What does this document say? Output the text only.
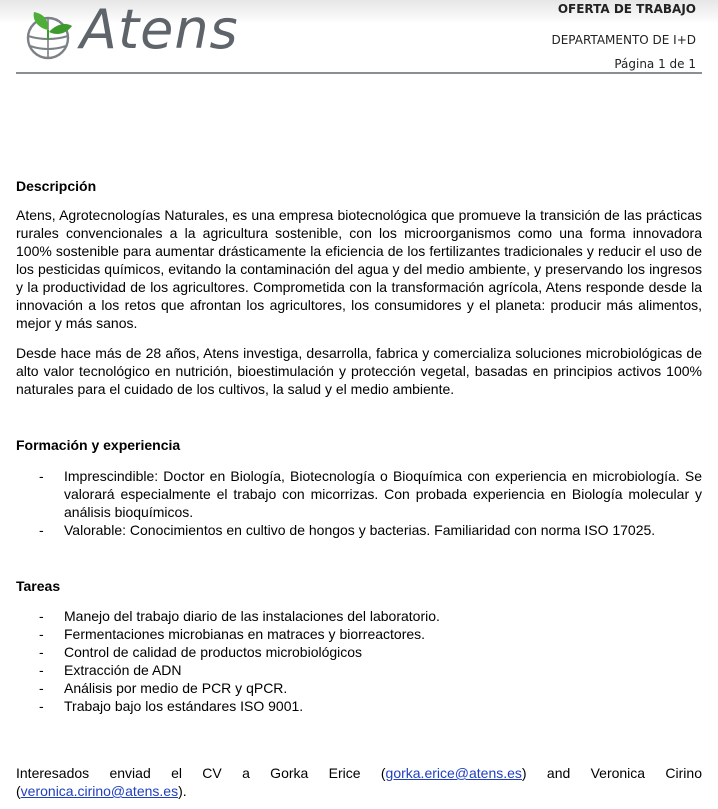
Atens	OFERTA DE TRABAJO
DEPARTAMENTO DE I+D
Página 1 de 1
Descripción

Atens, Agrotecnologías Naturales, es una empresa biotecnológica que promueve la transición de las prácticas rurales convencionales a la agricultura sostenible, con los microorganismos como una forma innovadora 100% sostenible para aumentar drásticamente la eficiencia de los fertilizantes tradicionales y reducir el uso de los pesticidas químicos, evitando la contaminación del agua y del medio ambiente, y preservando los ingresos y la productividad de los agricultores. Comprometida con la transformación agrícola, Atens responde desde la innovación a los retos que afrontan los agricultores, los consumidores y el planeta: producir más alimentos, mejor y más sanos.

Desde hace más de 28 años, Atens investiga, desarrolla, fabrica y comercializa soluciones microbiológicas de alto valor tecnológico en nutrición, bioestimulación y protección vegetal, basadas en principios activos 100% naturales para el cuidado de los cultivos, la salud y el medio ambiente.

Formación y experiencia
- Imprescindible: Doctor en Biología, Biotecnología o Bioquímica con experiencia en microbiología. Se valorará especialmente el trabajo con micorrizas. Con probada experiencia en Biología molecular y análisis bioquímicos.
- Valorable: Conocimientos en cultivo de hongos y bacterias. Familiaridad con norma ISO 17025.
Tareas
- Manejo del trabajo diario de las instalaciones del laboratorio.
- Fermentaciones microbianas en matraces y biorreactores.
- Control de calidad de productos microbiológicos
- Extracción de ADN
- Análisis por medio de PCR y qPCR.
- Trabajo bajo los estándares ISO 9001.

Interesados enviad el CV a Gorka Erice (gorka.erice@atens.es) and Veronica Cirino (veronica.cirino@atens.es).
